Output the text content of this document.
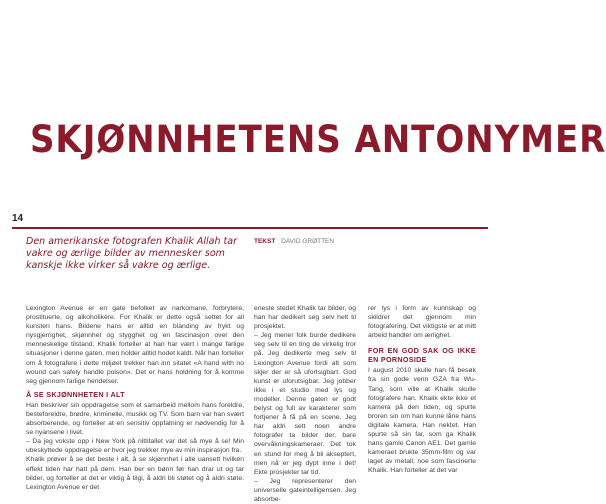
SKJØNNHETENS ANTONYMER
14
Den amerikanske fotografen Khalik Allah tar vakre og ærlige bilder av mennesker som kanskje ikke virker så vakre og ærlige.
TEKST DAVID GRØTTEN

Lexington Avenue er en gate befolket av narkomane, forbrytere, prostituerte, og alkoholikere. For Khalik er dette også settet for all kunsten hans. Bildene hans er alltid en blanding av frykt og nysgjerrighet, skjønnhet og stygghet og en fascinasjon over den menneskelige tilstand. Khalik forteller at han har vært i mange farlige situasjoner i denne gaten, men holder alltid hodet kaldt. Når han forteller om å fotografere i dette miljøet trekker han inn sitatet «A hand with no wound can safely handle poison». Det er hans holdning for å komme seg gjennom farlige hendelser.

Å SE SKJØNNHETEN I ALT

Han beskriver sin oppdragelse som et samarbeid mellom hans foreldre, besteforeldre, brødre, kriminelle, musikk og TV. Som barn var han svært absorberende, og forteller at en sensitiv oppfatning er nødvendig for å se nyansene i livet.

– Da jeg vokste opp i New York på nittitallet var det så mye å se! Min ubeskyttede oppdragelse er hvor jeg trekker mye av min inspirasjon fra.

Khalik prøver å se det beste i alt, å se skjønnhet i alle uansett hvilken effekt tiden har hatt på dem. Han ber en bønn før han drar ut og tar bilder, og forteller at det er viktig å tilgi, å aldri bli støtet og å aldri støte. Lexington Avenue er det

eneste stedet Khalik tar bilder, og han har dedikert seg selv helt til prosjektet.

– Jeg mener folk burde dedikere seg selv til en ting de virkelig tror på. Jeg dedikerte meg selv til Lexington Avenue fordi alt som skjer der er så ufortsigbart. God kunst er uforutsigbar. Jeg jobber ikke i et studio med lys og modeller. Denne gaten er godt belyst og full av karakterer som fortjener å få på en scene. Jeg har aldri sett noen andre fotografer ta bilder der, bare overvåkningskameraer. Det tok en stund for meg å bli akseptert, men nå er jeg dypt inne i det! Ekte prosjekter tar tid.

– Jeg representerer den universelle gateintelligensen. Jeg absorbe-

rer lys i form av kunnskap og skildrer det gjennom min fotografering. Det viktigste er at mitt arbeid handler om ærlighet.

FOR EN GOD SAK OG IKKE EN PORNOSIDE

I august 2010 skulle han få besøk fra sin gode venn GZA fra Wu-Tang, som ville at Khalik skulle fotografere han. Khalik ekte ikke et kamera på den tiden, og spurte broren sin om han kunne låne hans digitale kamera. Han nektet. Han spurte så sin far, som ga Khalik hans gamle Canon AE1. Det gamle kameraet brukte 35mm-film og var laget av metall, noe som fascinerte Khalik. Han forteller at det var
